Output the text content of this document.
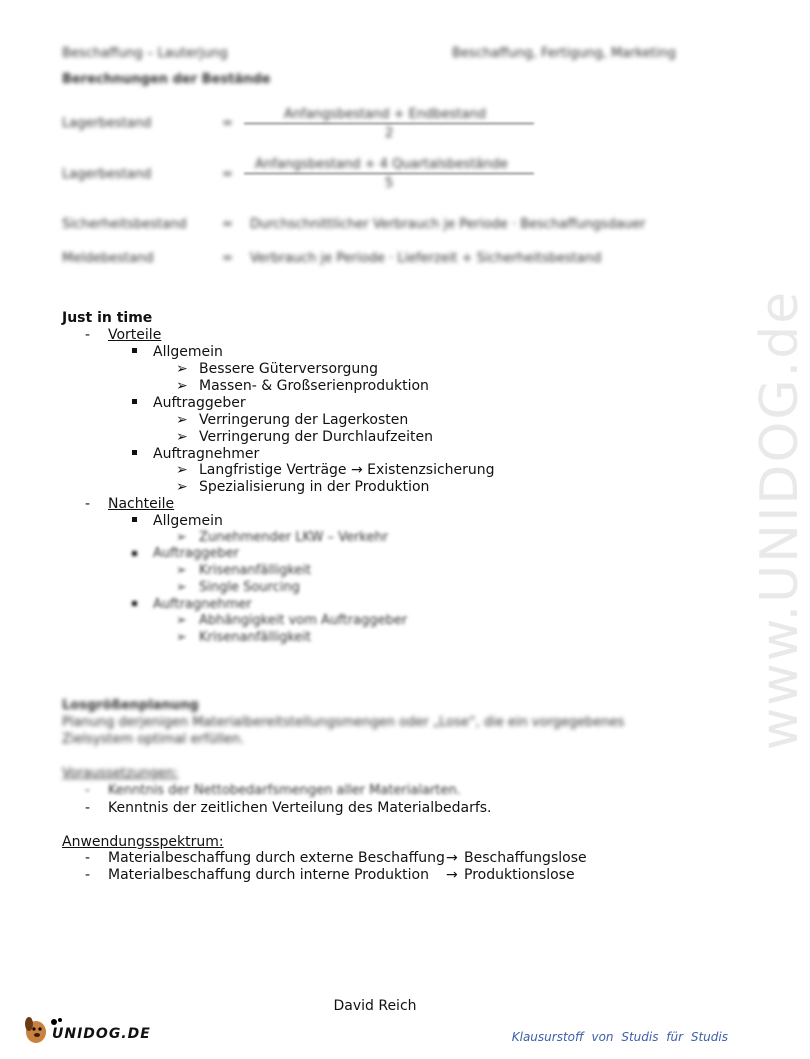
www.UNIDOG.de
Beschaffung – Lauterjung	Beschaffung, Fertigung, Marketing
Berechnungen der Bestände
Lagerbestand	=
Anfangsbestand + Endbestand
2
Lagerbestand	=
Anfangsbestand + 4 Quartalsbestände
5
Sicherheitsbestand	= Durchschnittlicher Verbrauch je Periode · Beschaffungsdauer
Meldebestand	= Verbrauch je Periode · Lieferzeit + Sicherheitsbestand
Just in time
- Vorteile
Allgemein
➢ Bessere Güterversorgung
➢ Massen- & Großserienproduktion
Auftraggeber
➢ Verringerung der Lagerkosten
➢ Verringerung der Durchlaufzeiten
Auftragnehmer
➢ Langfristige Verträge → Existenzsicherung
➢ Spezialisierung in der Produktion
- Nachteile
Allgemein
➢ Zunehmender LKW – Verkehr
Auftraggeber
➢ Krisenanfälligkeit
➢ Single Sourcing
Auftragnehmer
➢ Abhängigkeit vom Auftraggeber
➢ Krisenanfälligkeit
Losgrößenplanung
Planung derjenigen Materialbereitstellungsmengen oder „Lose“, die ein vorgegebenes
Zielsystem optimal erfüllen.
Voraussetzungen:
- Kenntnis der Nettobedarfsmengen aller Materialarten.
- Kenntnis der zeitlichen Verteilung des Materialbedarfs.
Anwendungsspektrum:
- Materialbeschaffung durch externe Beschaffung → Beschaffungslose
- Materialbeschaffung durch interne Produktion → Produktionslose
David Reich
UNIDOG.DE	Klausurstoff von Studis für Studis
